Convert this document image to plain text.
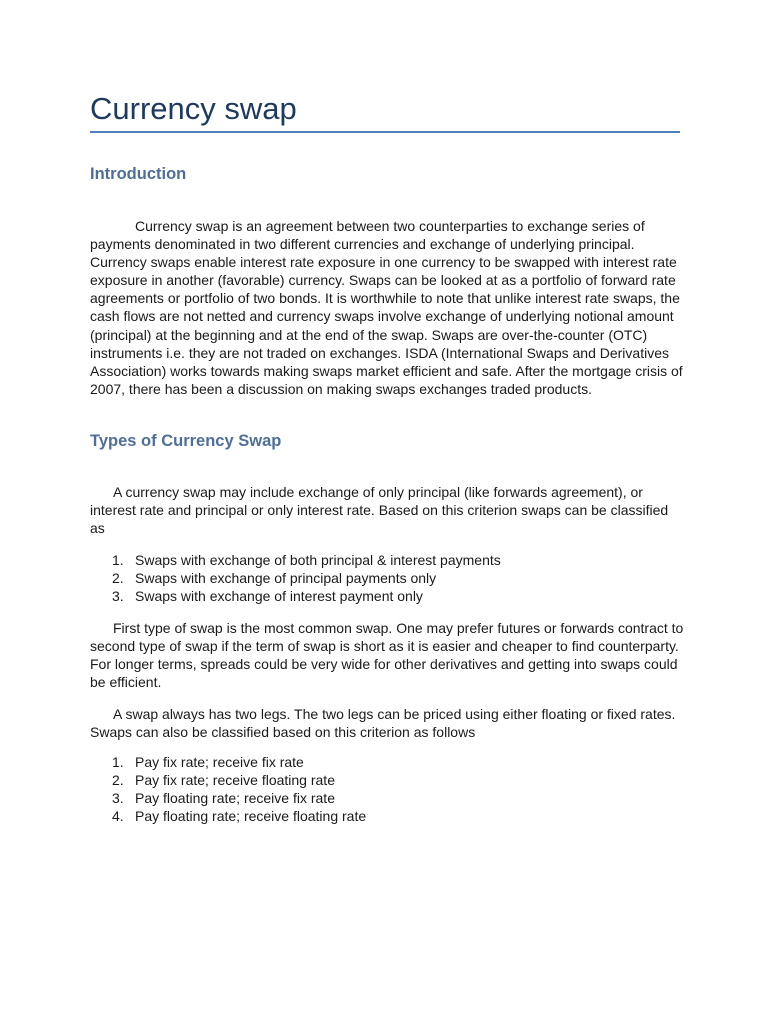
Currency swap
Introduction

Currency swap is an agreement between two counterparties to exchange series of
payments denominated in two different currencies and exchange of underlying principal.
Currency swaps enable interest rate exposure in one currency to be swapped with interest rate
exposure in another (favorable) currency. Swaps can be looked at as a portfolio of forward rate
agreements or portfolio of two bonds. It is worthwhile to note that unlike interest rate swaps, the
cash flows are not netted and currency swaps involve exchange of underlying notional amount
(principal) at the beginning and at the end of the swap. Swaps are over-the-counter (OTC)
instruments i.e. they are not traded on exchanges. ISDA (International Swaps and Derivatives
Association) works towards making swaps market efficient and safe. After the mortgage crisis of
2007, there has been a discussion on making swaps exchanges traded products.

Types of Currency Swap

A currency swap may include exchange of only principal (like forwards agreement), or
interest rate and principal or only interest rate. Based on this criterion swaps can be classified
as

1. Swaps with exchange of both principal & interest payments
2. Swaps with exchange of principal payments only
3. Swaps with exchange of interest payment only

First type of swap is the most common swap. One may prefer futures or forwards contract to
second type of swap if the term of swap is short as it is easier and cheaper to find counterparty.
For longer terms, spreads could be very wide for other derivatives and getting into swaps could
be efficient.

A swap always has two legs. The two legs can be priced using either floating or fixed rates.
Swaps can also be classified based on this criterion as follows

1. Pay fix rate; receive fix rate
2. Pay fix rate; receive floating rate
3. Pay floating rate; receive fix rate
4. Pay floating rate; receive floating rate
